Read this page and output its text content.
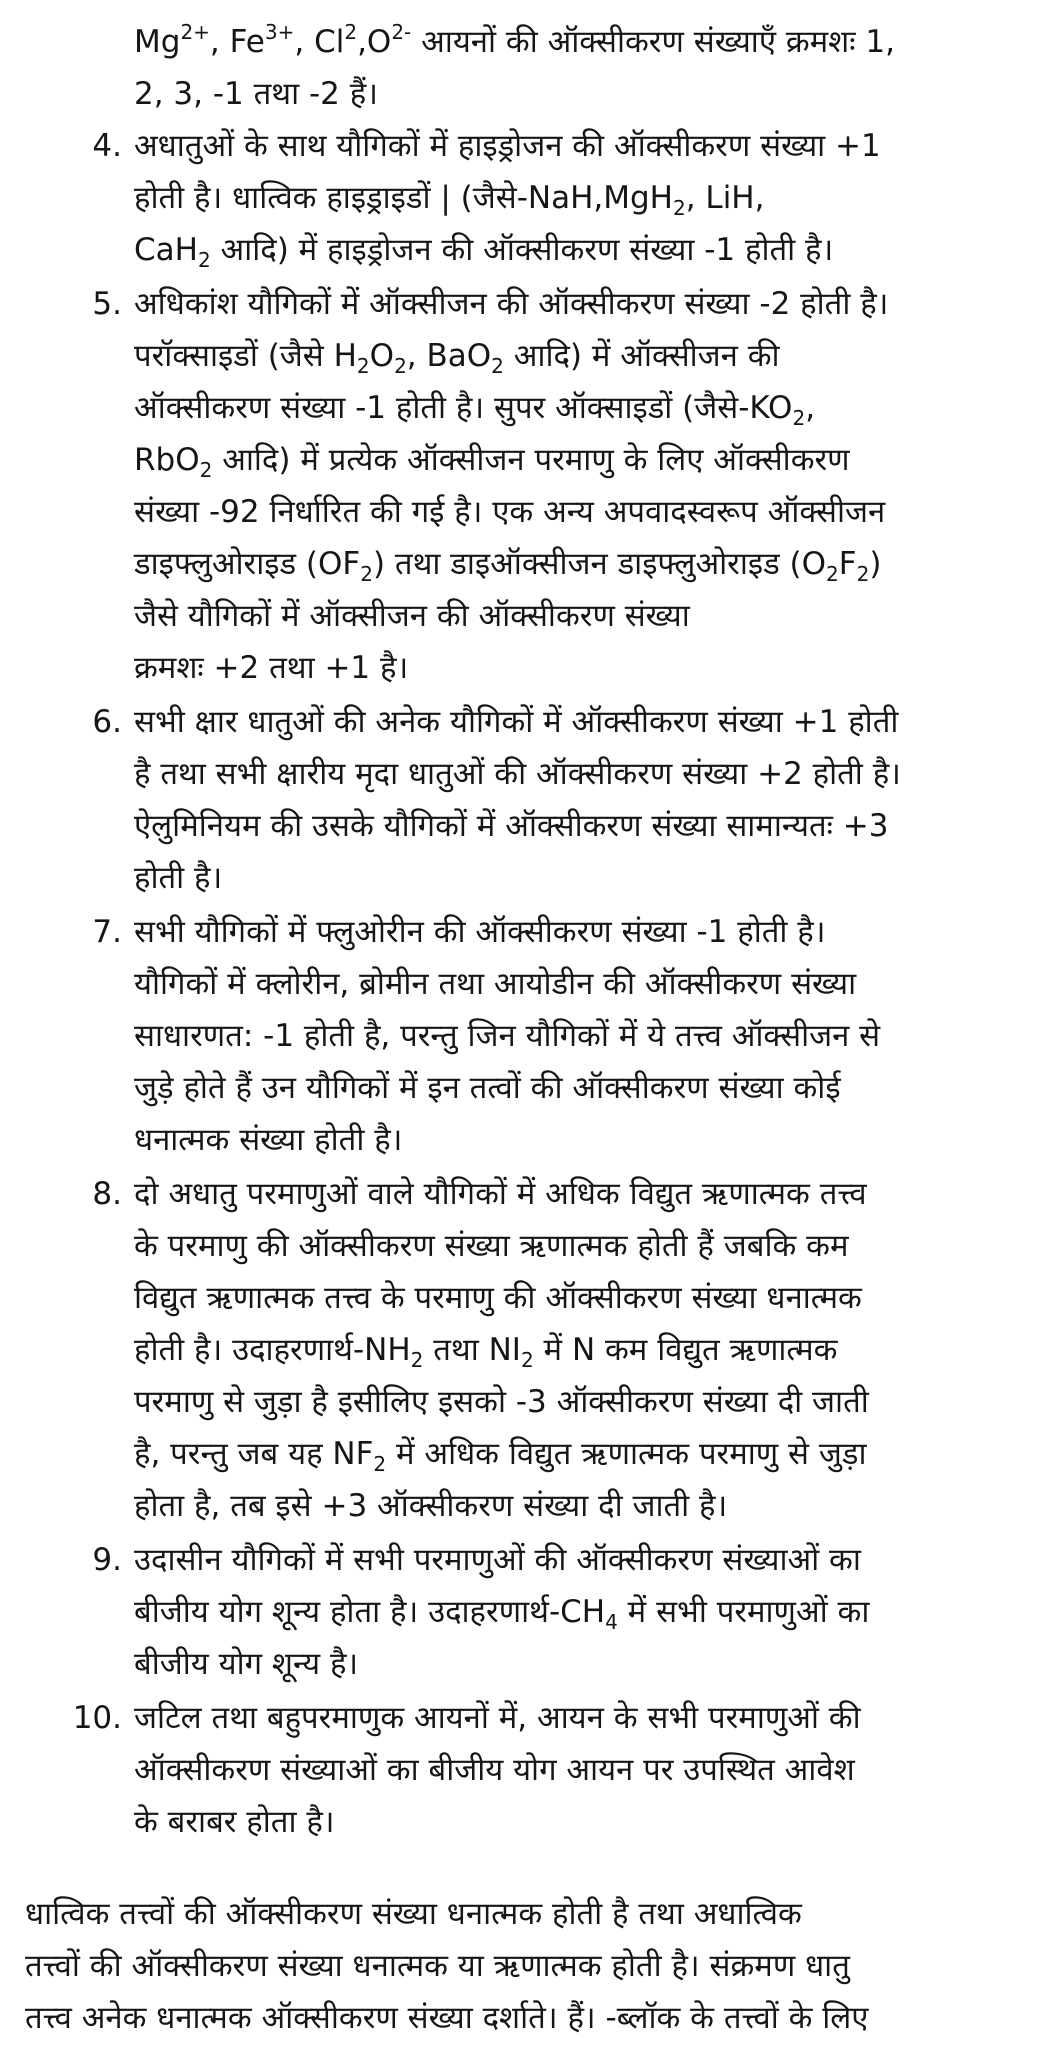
$Mg^{2+}$, $Fe^{3+}$, $Cl^2,O^{2-}$ आयनों की ऑक्सीकरण संख्याएँ क्रमशः 1,
2, 3, -1 तथा -2 हैं।
4. अधातुओं के साथ यौगिकों में हाइड्रोजन की ऑक्सीकरण संख्या +1
होती है। धात्विक हाइड्राइडों | (जैसे-NaH,MgH$_2$, LiH,
CaH$_2$ आदि) में हाइड्रोजन की ऑक्सीकरण संख्या -1 होती है।
5. अधिकांश यौगिकों में ऑक्सीजन की ऑक्सीकरण संख्या -2 होती है।
परॉक्साइडों (जैसे $H_2O_2$, BaO$_2$ आदि) में ऑक्सीजन की
ऑक्सीकरण संख्या -1 होती है। सुपर ऑक्साइडों ($जैसे-KO_2$,
RbO$_2$ आदि) में प्रत्येक ऑक्सीजन परमाणु के लिए ऑक्सीकरण
संख्या -92 निर्धारित की गई है। एक अन्य अपवादस्वरूप ऑक्सीजन
डाइफ्लुओराइड $(OF_2)$ तथा डाइऑक्सीजन डाइफ्लुओराइड $(O_2F_2)$
जैसे यौगिकों में ऑक्सीजन की ऑक्सीकरण संख्या
क्रमशः +2 तथा +1 है।
6. सभी क्षार धातुओं की अनेक यौगिकों में ऑक्सीकरण संख्या +1 होती
है तथा सभी क्षारीय मृदा धातुओं की ऑक्सीकरण संख्या +2 होती है।
ऐलुमिनियम की उसके यौगिकों में ऑक्सीकरण संख्या सामान्यतः +3
होती है।
7. सभी यौगिकों में फ्लुओरीन की ऑक्सीकरण संख्या -1 होती है।
यौगिकों में क्लोरीन, ब्रोमीन तथा आयोडीन की ऑक्सीकरण संख्या
साधारणत: -1 होती है, परन्तु जिन यौगिकों में ये तत्त्व ऑक्सीजन से
जुड़े होते हैं उन यौगिकों में इन तत्वों की ऑक्सीकरण संख्या कोई
धनात्मक संख्या होती है।
8. दो अधातु परमाणुओं वाले यौगिकों में अधिक विद्युत ऋणात्मक तत्त्व
के परमाणु की ऑक्सीकरण संख्या ऋणात्मक होती हैं जबकि कम
विद्युत ऋणात्मक तत्त्व के परमाणु की ऑक्सीकरण संख्या धनात्मक
होती है। $उदाहरणार्थ-NH_2$ तथा $NI_2$ में N कम विद्युत ऋणात्मक
परमाणु से जुड़ा है इसीलिए इसको -3 ऑक्सीकरण संख्या दी जाती
है, परन्तु जब यह $NF_2$ में अधिक विद्युत ऋणात्मक परमाणु से जुड़ा
होता है, तब इसे +3 ऑक्सीकरण संख्या दी जाती है।
9. उदासीन यौगिकों में सभी परमाणुओं की ऑक्सीकरण संख्याओं का
बीजीय योग शून्य होता है। $उदाहरणार्थ-CH_4$ में सभी परमाणुओं का
बीजीय योग शून्य है।
10. जटिल तथा बहुपरमाणुक आयनों में, आयन के सभी परमाणुओं की
ऑक्सीकरण संख्याओं का बीजीय योग आयन पर उपस्थित आवेश
के बराबर होता है।
धात्विक तत्त्वों की ऑक्सीकरण संख्या धनात्मक होती है तथा अधात्विक
तत्त्वों की ऑक्सीकरण संख्या धनात्मक या ऋणात्मक होती है। संक्रमण धातु
तत्त्व अनेक धनात्मक ऑक्सीकरण संख्या दर्शाते। हैं। -ब्लॉक के तत्त्वों के लिए
